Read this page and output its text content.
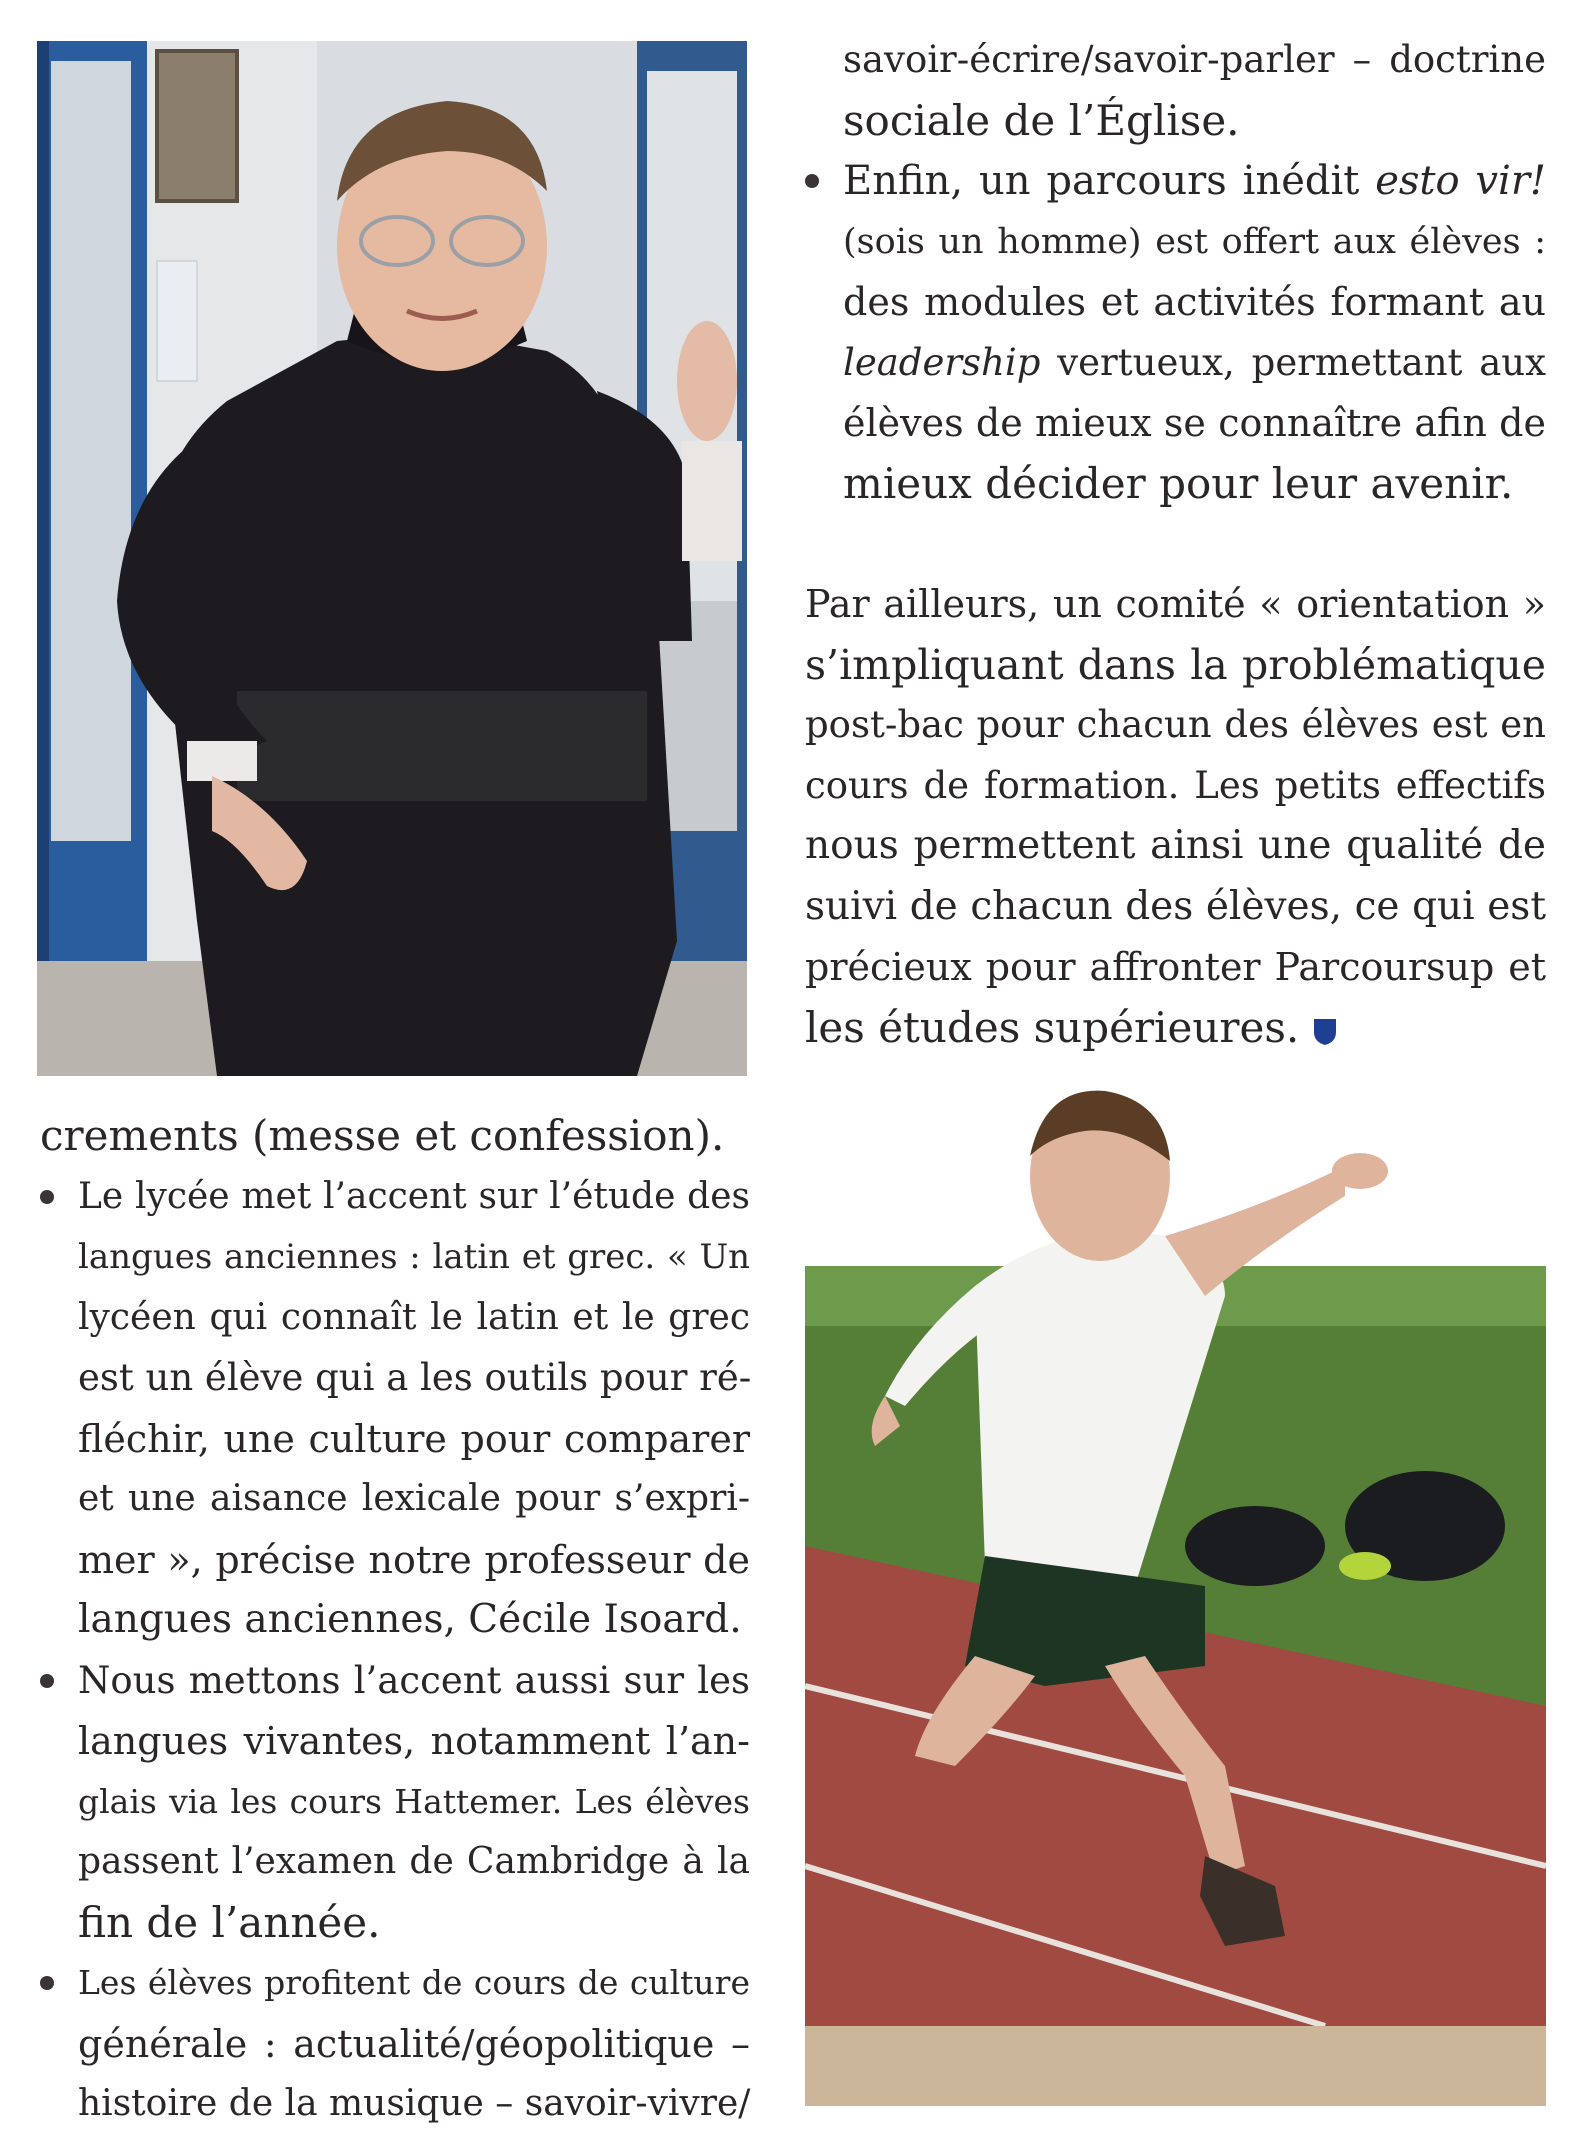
savoir-écrire/savoir-parler – doctrine
sociale de l’Église.
Enfin, un parcours inédit esto vir!
(sois un homme) est offert aux élèves :
des modules et activités formant au
leadership vertueux, permettant aux
élèves de mieux se connaître afin de
mieux décider pour leur avenir.
Par ailleurs, un comité « orientation »
s’impliquant dans la problématique
post-bac pour chacun des élèves est en
cours de formation. Les petits effectifs
nous permettent ainsi une qualité de
suivi de chacun des élèves, ce qui est
précieux pour affronter Parcoursup et
les études supérieures.
crements (messe et confession).
Le lycée met l’accent sur l’étude des
langues anciennes : latin et grec. « Un
lycéen qui connaît le latin et le grec
est un élève qui a les outils pour ré-
fléchir, une culture pour comparer
et une aisance lexicale pour s’expri-
mer », précise notre professeur de
langues anciennes, Cécile Isoard.
Nous mettons l’accent aussi sur les
langues vivantes, notamment l’an-
glais via les cours Hattemer. Les élèves
passent l’examen de Cambridge à la
fin de l’année.
Les élèves profitent de cours de culture
générale : actualité/géopolitique –
histoire de la musique – savoir-vivre/
